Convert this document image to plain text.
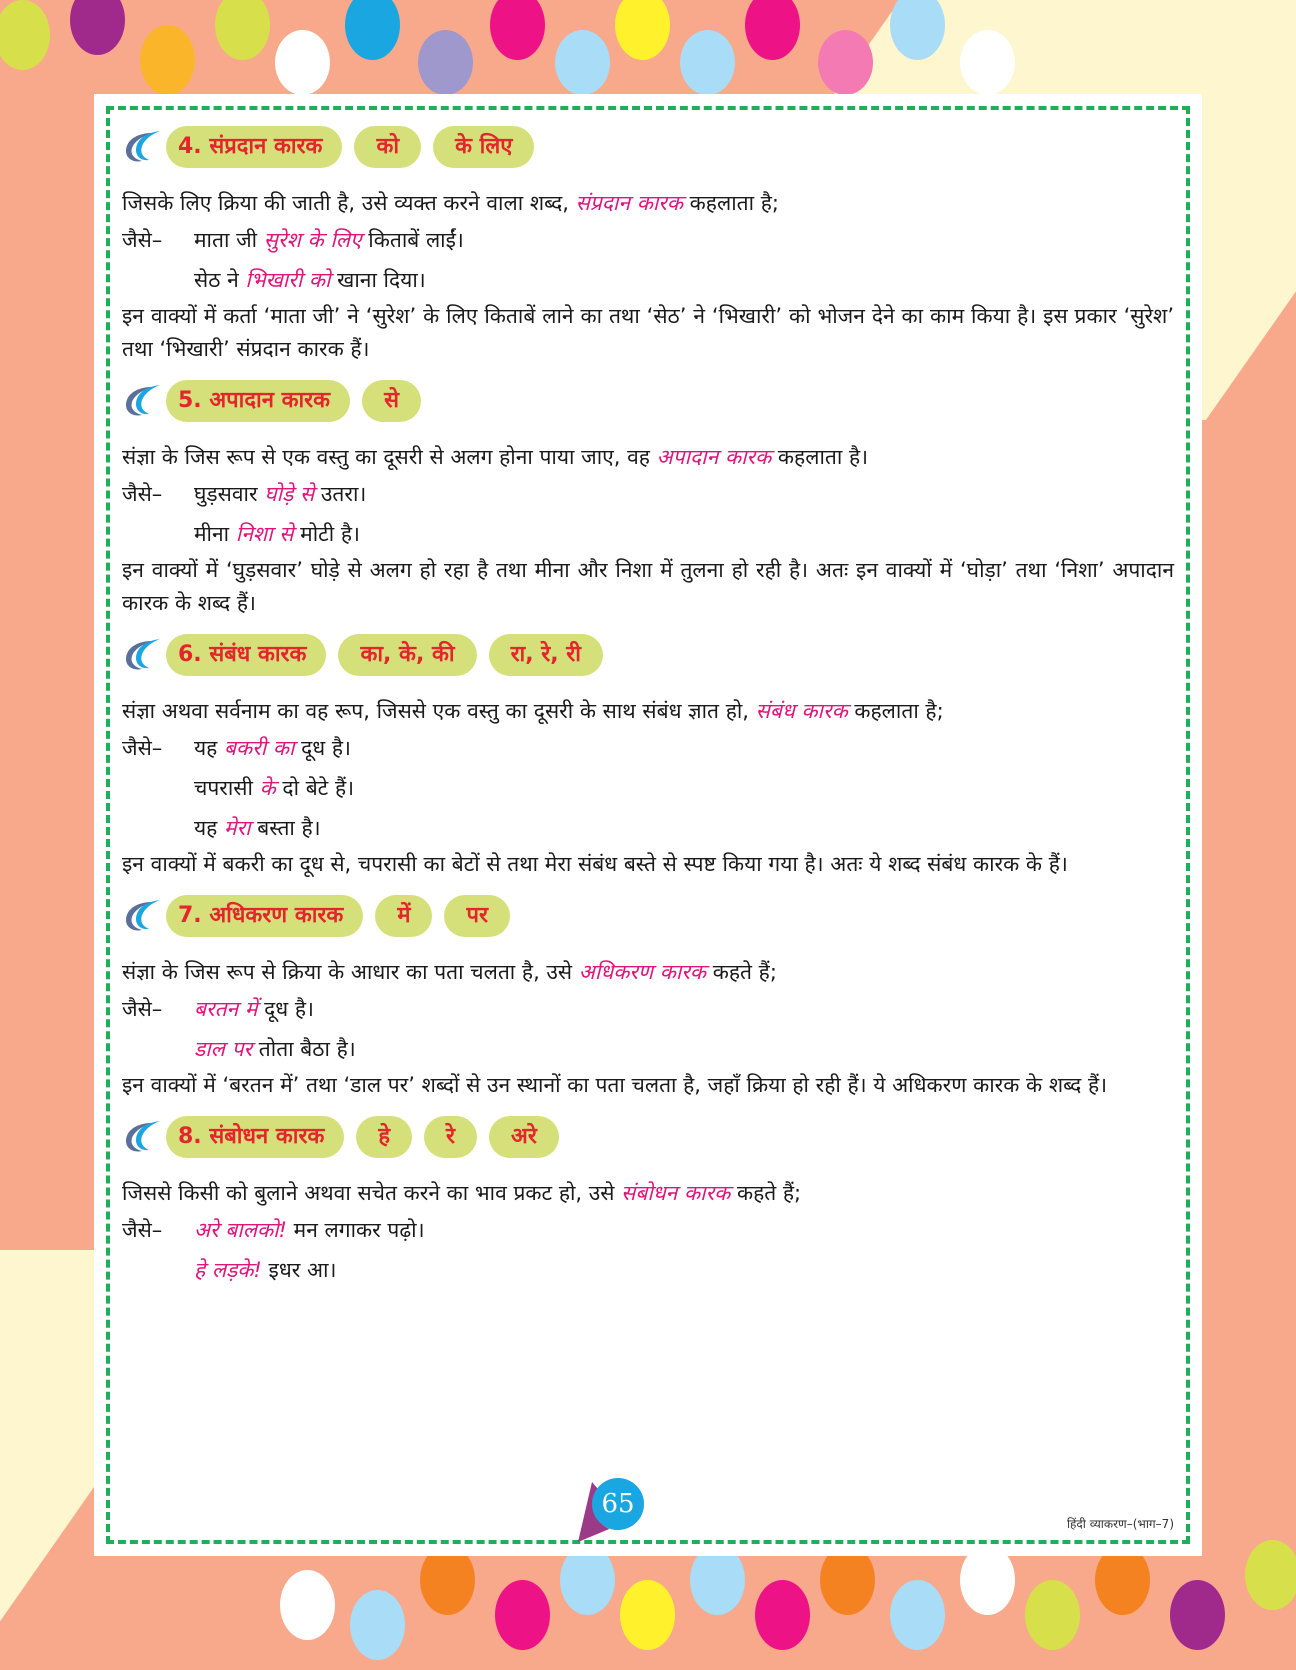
4. संप्रदान कारक	को	के लिए
जिसके लिए क्रिया की जाती है, उसे व्यक्त करने वाला शब्द, संप्रदान कारक कहलाता है;
जैसे–	माता जी सुरेश के लिए किताबें लाईं।
सेठ ने भिखारी को खाना दिया।
इन वाक्यों में कर्ता ‘माता जी’ ने ‘सुरेश’ के लिए किताबें लाने का तथा ‘सेठ’ ने ‘भिखारी’ को भोजन देने का काम किया है। इस प्रकार ‘सुरेश’ तथा ‘भिखारी’ संप्रदान कारक हैं।
5. अपादान कारक	से
संज्ञा के जिस रूप से एक वस्तु का दूसरी से अलग होना पाया जाए, वह अपादान कारक कहलाता है।
जैसे–	घुड़सवार घोड़े से उतरा।
मीना निशा से मोटी है।
इन वाक्यों में ‘घुड़सवार’ घोड़े से अलग हो रहा है तथा मीना और निशा में तुलना हो रही है। अतः इन वाक्यों में ‘घोड़ा’ तथा ‘निशा’ अपादान कारक के शब्द हैं।
6. संबंध कारक	का, के, की	रा, रे, री
संज्ञा अथवा सर्वनाम का वह रूप, जिससे एक वस्तु का दूसरी के साथ संबंध ज्ञात हो, संबंध कारक कहलाता है;
जैसे–	यह बकरी का दूध है।
चपरासी के दो बेटे हैं।
यह मेरा बस्ता है।
इन वाक्यों में बकरी का दूध से, चपरासी का बेटों से तथा मेरा संबंध बस्ते से स्पष्ट किया गया है। अतः ये शब्द संबंध कारक के हैं।
7. अधिकरण कारक	में	पर
संज्ञा के जिस रूप से क्रिया के आधार का पता चलता है, उसे अधिकरण कारक कहते हैं;
जैसे–	बरतन में दूध है।
डाल पर तोता बैठा है।
इन वाक्यों में ‘बरतन में’ तथा ‘डाल पर’ शब्दों से उन स्थानों का पता चलता है, जहाँ क्रिया हो रही हैं। ये अधिकरण कारक के शब्द हैं।
8. संबोधन कारक	हे	रे	अरे
जिससे किसी को बुलाने अथवा सचेत करने का भाव प्रकट हो, उसे संबोधन कारक कहते हैं;
जैसे–	अरे बालको! मन लगाकर पढ़ो।
हे लड़के! इधर आ।
65
हिंदी व्याकरण–(भाग–7)
